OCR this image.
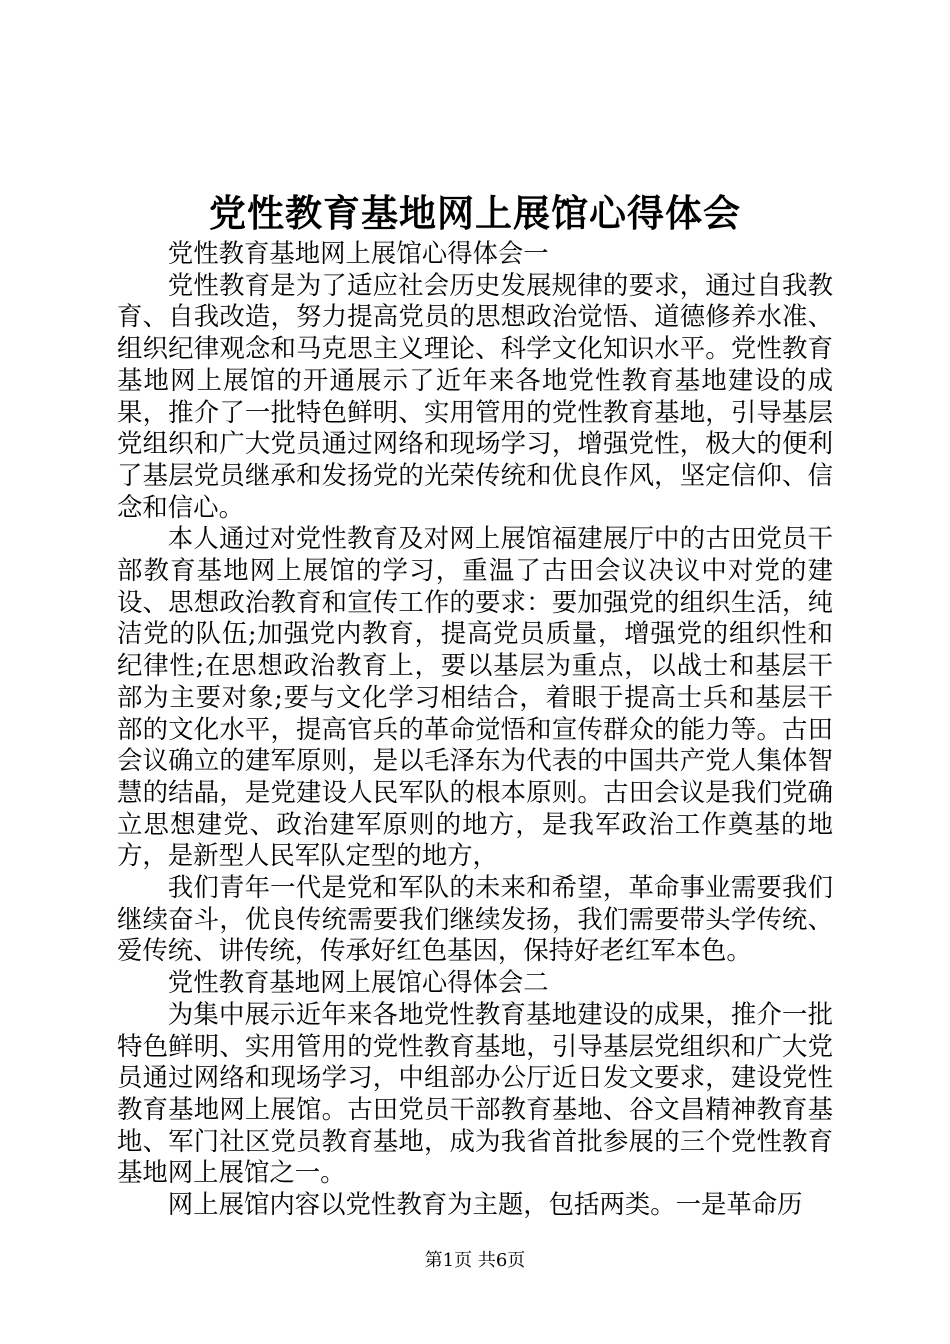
党性教育基地网上展馆心得体会

党性教育基地网上展馆心得体会一

党性教育是为了适应社会历史发展规律的要求，通过自我教育、自我改造，努力提高党员的思想政治觉悟、道德修养水准、组织纪律观念和马克思主义理论、科学文化知识水平。党性教育基地网上展馆的开通展示了近年来各地党性教育基地建设的成果，推介了一批特色鲜明、实用管用的党性教育基地，引导基层党组织和广大党员通过网络和现场学习，增强党性，极大的便利了基层党员继承和发扬党的光荣传统和优良作风，坚定信仰、信念和信心。

本人通过对党性教育及对网上展馆福建展厅中的古田党员干部教育基地网上展馆的学习，重温了古田会议决议中对党的建设、思想政治教育和宣传工作的要求：要加强党的组织生活，纯洁党的队伍;加强党内教育，提高党员质量，增强党的组织性和纪律性;在思想政治教育上，要以基层为重点，以战士和基层干部为主要对象;要与文化学习相结合，着眼于提高士兵和基层干部的文化水平，提高官兵的革命觉悟和宣传群众的能力等。古田会议确立的建军原则，是以毛泽东为代表的中国共产党人集体智慧的结晶，是党建设人民军队的根本原则。古田会议是我们党确立思想建党、政治建军原则的地方，是我军政治工作奠基的地方，是新型人民军队定型的地方，

我们青年一代是党和军队的未来和希望，革命事业需要我们继续奋斗，优良传统需要我们继续发扬，我们需要带头学传统、爱传统、讲传统，传承好红色基因，保持好老红军本色。

党性教育基地网上展馆心得体会二

为集中展示近年来各地党性教育基地建设的成果，推介一批特色鲜明、实用管用的党性教育基地，引导基层党组织和广大党员通过网络和现场学习，中组部办公厅近日发文要求，建设党性教育基地网上展馆。古田党员干部教育基地、谷文昌精神教育基地、军门社区党员教育基地，成为我省首批参展的三个党性教育基地网上展馆之一。

网上展馆内容以党性教育为主题，包括两类。一是革命历

第1页 共6页
